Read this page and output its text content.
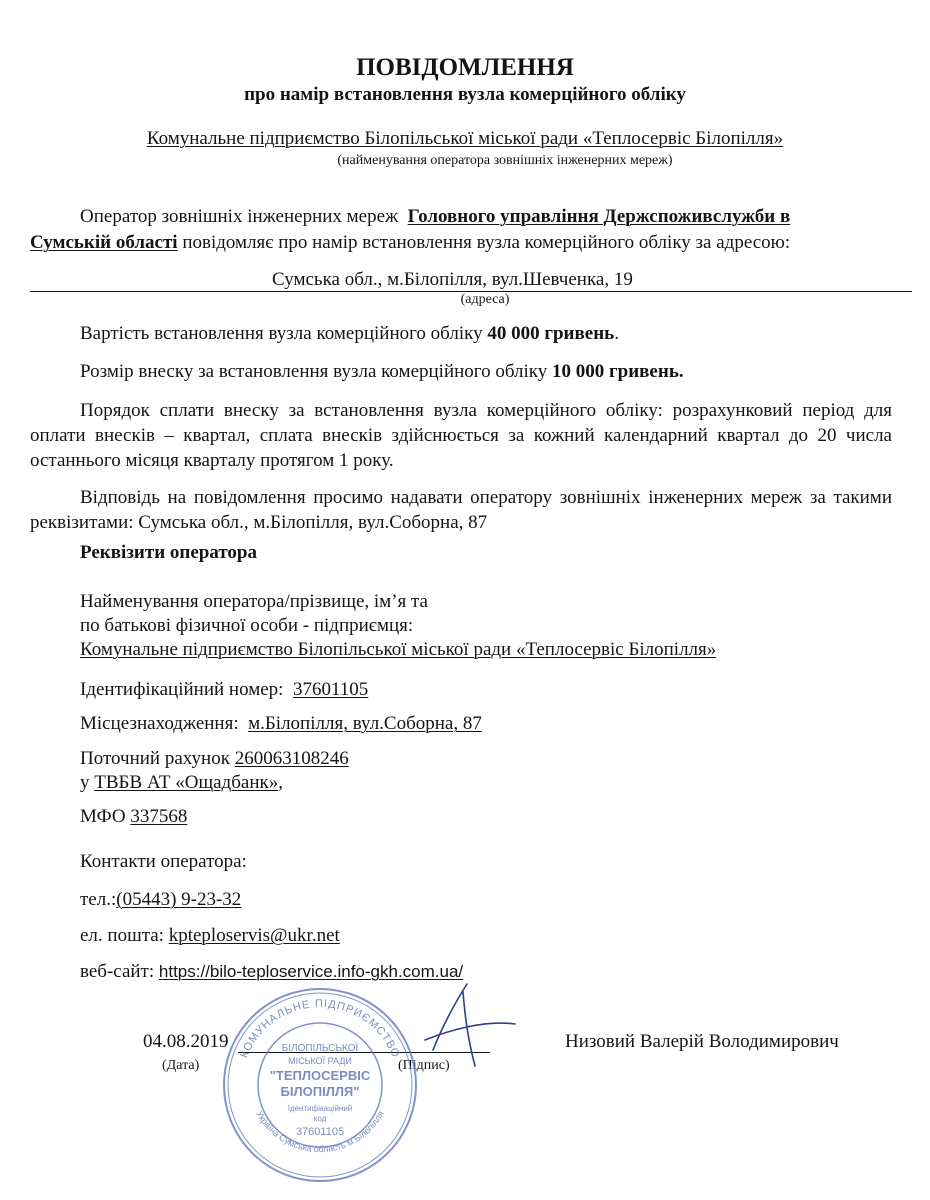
ПОВІДОМЛЕННЯ
про намір встановлення вузла комерційного обліку
Комунальне підприємство Білопільської міської ради «Теплосервіс Білопілля»
(найменування оператора зовнішніх інженерних мереж)
Оператор зовнішніх інженерних мереж Головного управління Держспоживслужби в
Сумській області повідомляє про намір встановлення вузла комерційного обліку за адресою:
Сумська обл., м.Білопілля, вул.Шевченка, 19
(адреса)
Вартість встановлення вузла комерційного обліку 40 000 гривень.
Розмір внеску за встановлення вузла комерційного обліку 10 000 гривень.
Порядок сплати внеску за встановлення вузла комерційного обліку: розрахунковий період для оплати внесків – квартал, сплата внесків здійснюється за кожний календарний квартал до 20 числа останнього місяця кварталу протягом 1 року.
Відповідь на повідомлення просимо надавати оператору зовнішніх інженерних мереж за такими реквізитами: Сумська обл., м.Білопілля, вул.Соборна, 87
Реквізити оператора
Найменування оператора/прізвище, ім’я та
по батькові фізичної особи - підприємця:
Комунальне підприємство Білопільської міської ради «Теплосервіс Білопілля»
Ідентифікаційний номер: 37601105
Місцезнаходження: м.Білопілля, вул.Соборна, 87
Поточний рахунок 260063108246
у ТВБВ АТ «Ощадбанк»,
МФО 337568
Контакти оператора:
тел.:(05443) 9-23-32
ел. пошта: kpteploservis@ukr.net
веб-сайт: https://bilo-teploservice.info-gkh.com.ua/
04.08.2019	Низовий Валерій Володимирович
(Дата)	(Підпис)
КОМУНАЛЬНЕ ПІДПРИЄМСТВО
Україна Сумська область м.Білопілля
БІЛОПІЛЬСЬКОЇ
МІСЬКОЇ РАДИ
"ТЕПЛОСЕРВІС
БІЛОПІЛЛЯ"
Ідентифікаційний
код
37601105
